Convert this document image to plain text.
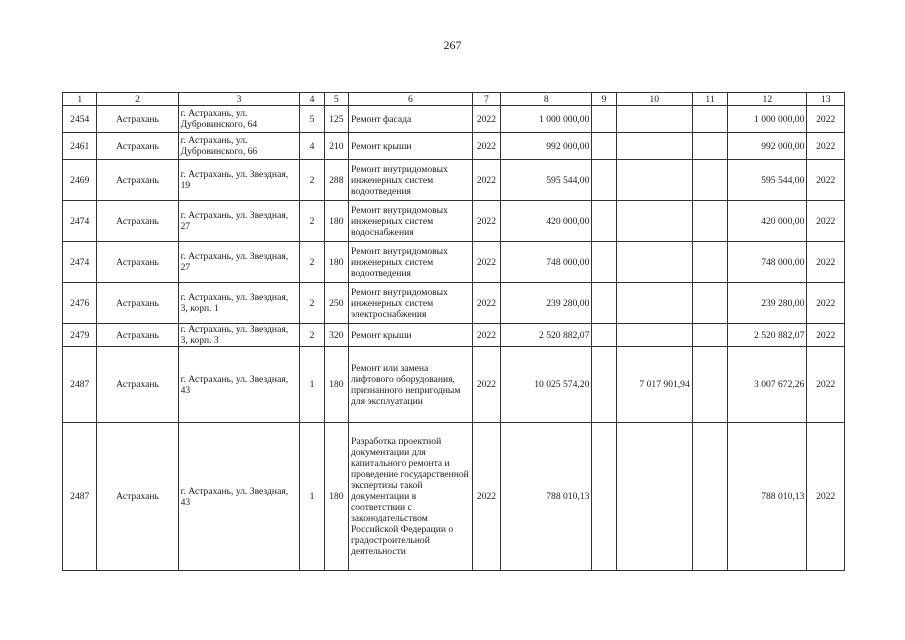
267
1	2	3	4	5	6	7	8	9	10	11	12	13
2454	Астрахань	г. Астрахань, ул. Дубровинского, 64	5	125	Ремонт фасада	2022	1 000 000,00				1 000 000,00	2022
2461	Астрахань	г. Астрахань, ул. Дубровинского, 66	4	210	Ремонт крыши	2022	992 000,00				992 000,00	2022
2469	Астрахань	г. Астрахань, ул. Звездная, 19	2	288	Ремонт внутридомовых инженерных систем водоотведения	2022	595 544,00				595 544,00	2022
2474	Астрахань	г. Астрахань, ул. Звездная, 27	2	180	Ремонт внутридомовых инженерных систем водоснабжения	2022	420 000,00				420 000,00	2022
2474	Астрахань	г. Астрахань, ул. Звездная, 27	2	180	Ремонт внутридомовых инженерных систем водоотведения	2022	748 000,00				748 000,00	2022
2476	Астрахань	г. Астрахань, ул. Звездная, 3, корп. 1	2	250	Ремонт внутридомовых инженерных систем электроснабжения	2022	239 280,00				239 280,00	2022
2479	Астрахань	г. Астрахань, ул. Звездная, 3, корп. 3	2	320	Ремонт крыши	2022	2 520 882,07				2 520 882,07	2022
2487	Астрахань	г. Астрахань, ул. Звездная, 43	1	180	Ремонт или замена лифтового оборудования, признанного непригодным для эксплуатации	2022	10 025 574,20		7 017 901,94		3 007 672,26	2022
2487	Астрахань	г. Астрахань, ул. Звездная, 43	1	180	Разработка проектной документации для капитального ремонта и проведение государственной экспертизы такой документации в соответствии с законодательством Российской Федерации о градостроительной деятельности	2022	788 010,13				788 010,13	2022
